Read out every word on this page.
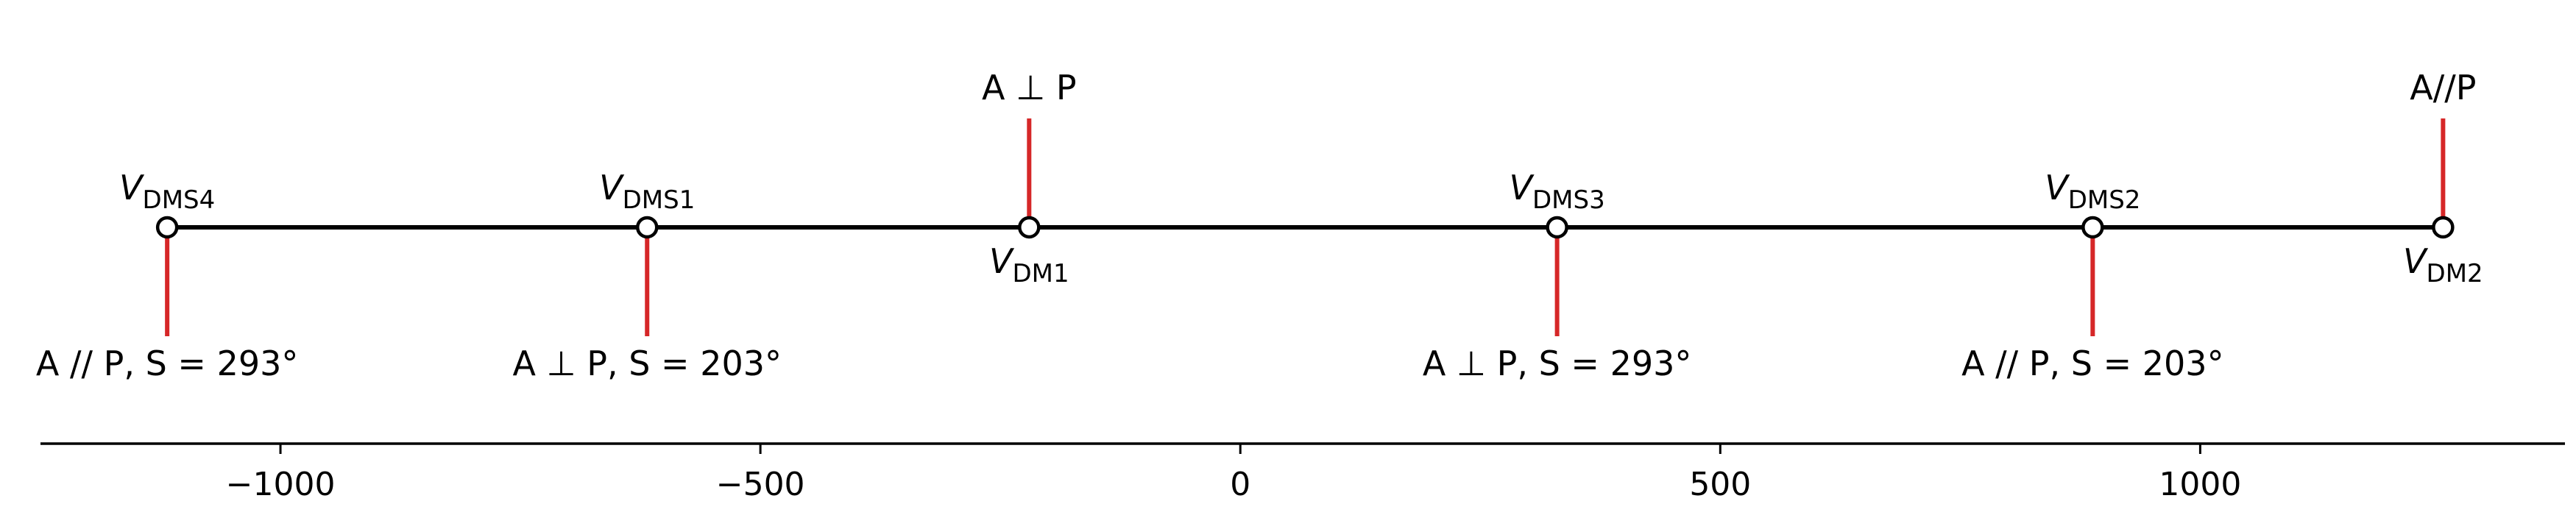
−1000	−500	0	500	1000
$V_{DMS4}$
A // P, S = 293°
$V_{DMS1}$
A ⊥ P, S = 203°
$V_{DM1}$
A ⊥ P
$V_{DMS3}$
A ⊥ P, S = 293°
$V_{DMS2}$
A // P, S = 203°
$V_{DM2}$
A//P
